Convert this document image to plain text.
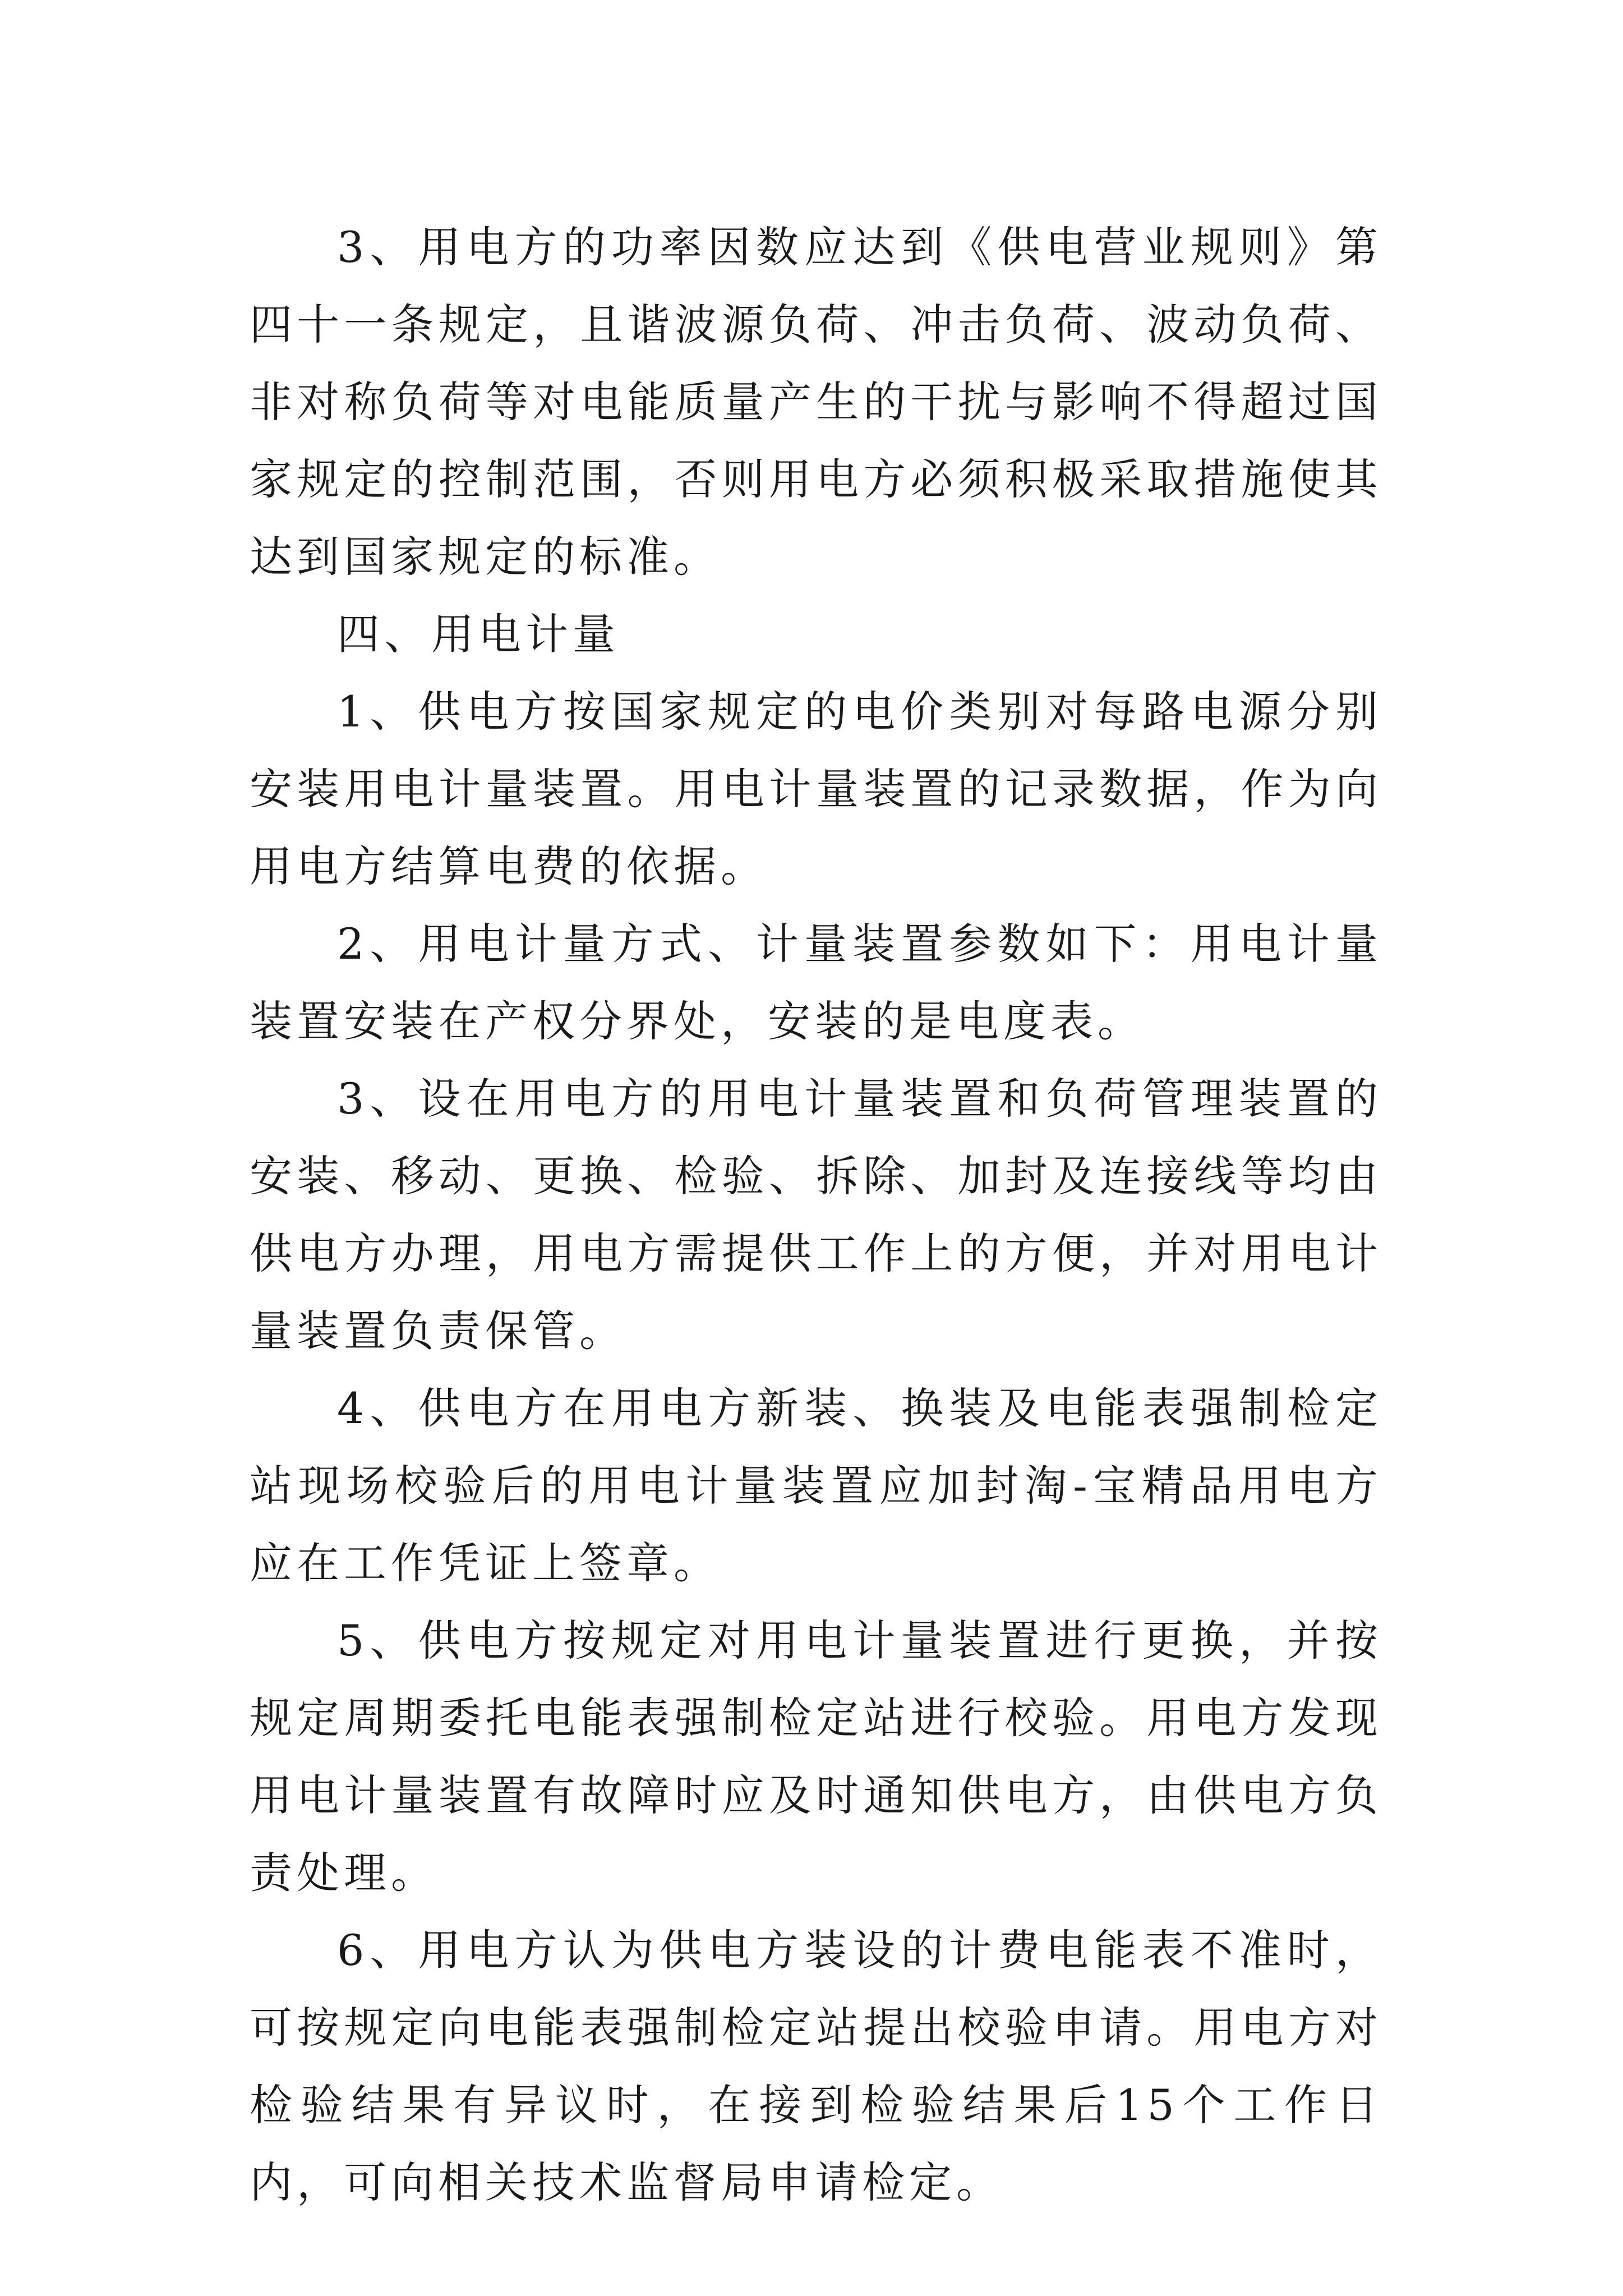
3、用电方的功率因数应达到《供电营业规则》第四十一条规定，且谐波源负荷、冲击负荷、波动负荷、非对称负荷等对电能质量产生的干扰与影响不得超过国家规定的控制范围，否则用电方必须积极采取措施使其达到国家规定的标准。

四、用电计量

1、供电方按国家规定的电价类别对每路电源分别安装用电计量装置。用电计量装置的记录数据，作为向用电方结算电费的依据。

2、用电计量方式、计量装置参数如下：用电计量装置安装在产权分界处，安装的是电度表。

3、设在用电方的用电计量装置和负荷管理装置的安装、移动、更换、检验、拆除、加封及连接线等均由供电方办理，用电方需提供工作上的方便，并对用电计量装置负责保管。

4、供电方在用电方新装、换装及电能表强制检定站现场校验后的用电计量装置应加封淘-宝精品用电方应在工作凭证上签章。

5、供电方按规定对用电计量装置进行更换，并按规定周期委托电能表强制检定站进行校验。用电方发现用电计量装置有故障时应及时通知供电方，由供电方负责处理。

6、用电方认为供电方装设的计费电能表不准时，可按规定向电能表强制检定站提出校验申请。用电方对检验结果有异议时，在接到检验结果后15个工作日内，可向相关技术监督局申请检定。
